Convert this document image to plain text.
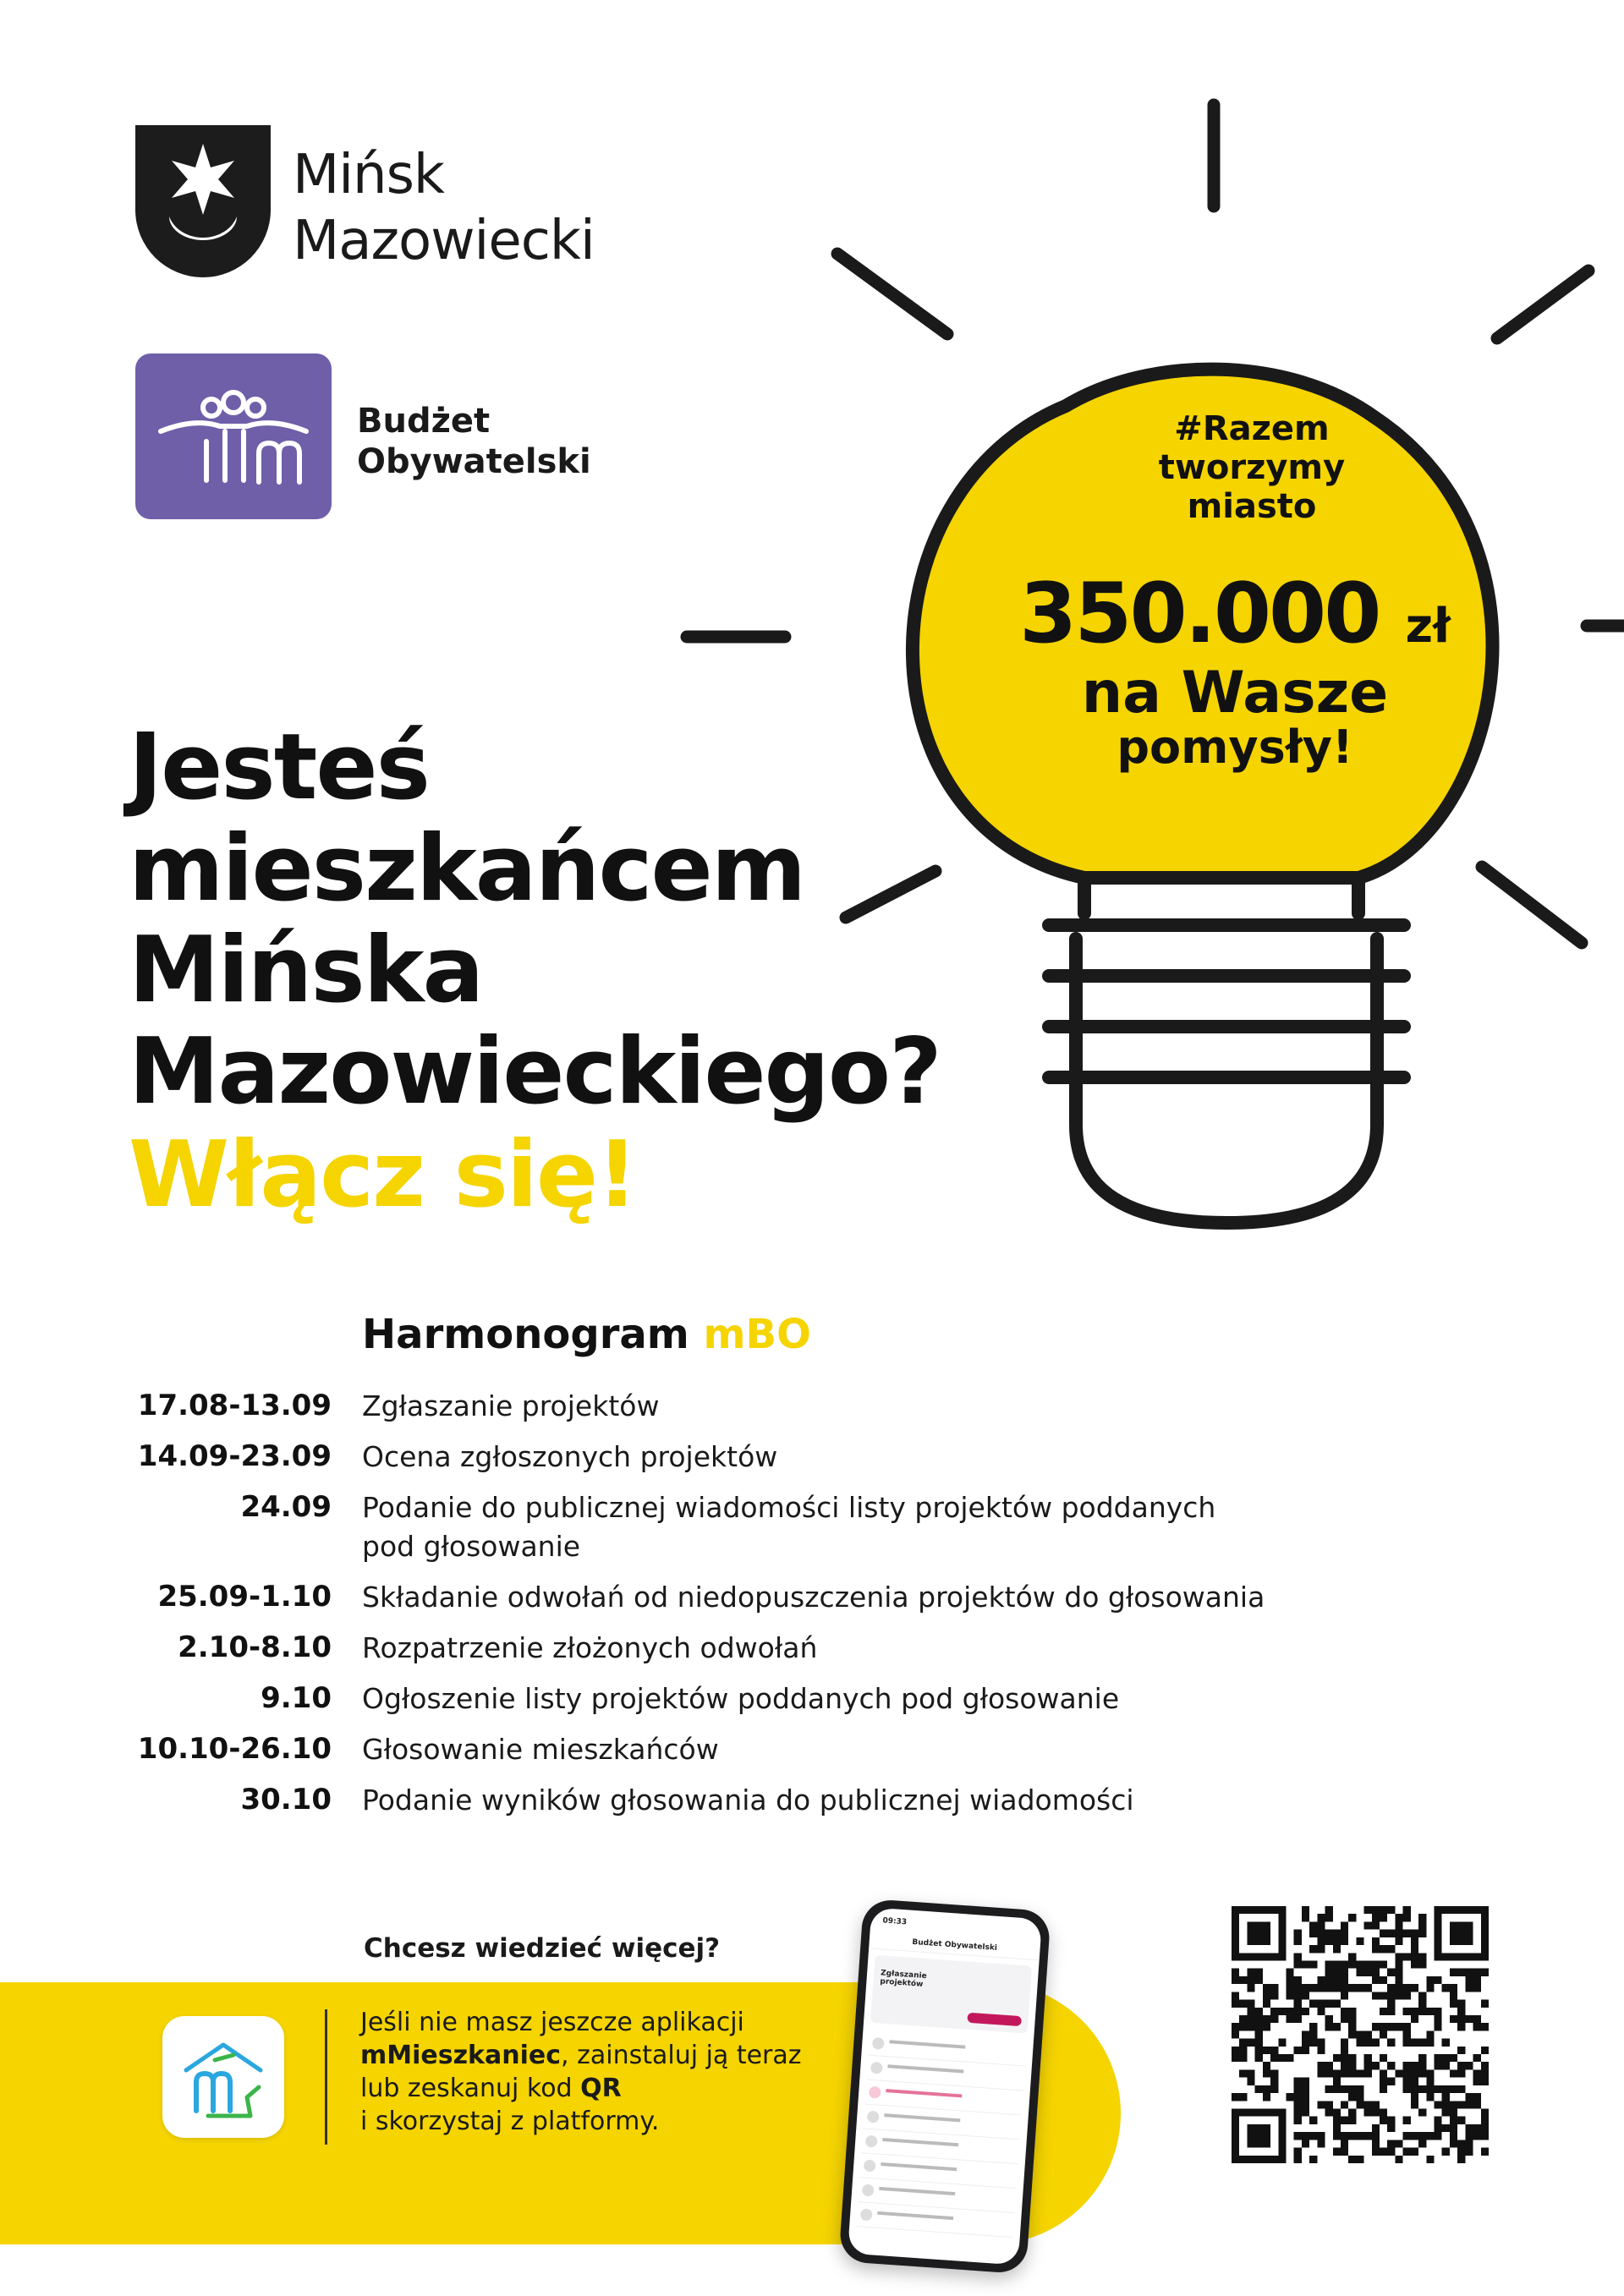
Mińsk
Mazowiecki
Budżet
Obywatelski
#Razem
tworzymy
miasto
350.000 zł
na Wasze
pomysły!
Jesteś
mieszkańcem
Mińska
Mazowieckiego?
Włącz się!
Harmonogram mBO
17.08-13.09 Zgłaszanie projektów
14.09-23.09 Ocena zgłoszonych projektów
24.09 Podanie do publicznej wiadomości listy projektów poddanych pod głosowanie
25.09-1.10 Składanie odwołań od niedopuszczenia projektów do głosowania
2.10-8.10 Rozpatrzenie złożonych odwołań
9.10 Ogłoszenie listy projektów poddanych pod głosowanie
10.10-26.10 Głosowanie mieszkańców
30.10 Podanie wyników głosowania do publicznej wiadomości
Chcesz wiedzieć więcej?
Jeśli nie masz jeszcze aplikacji
mMieszkaniec, zainstaluj ją teraz
lub zeskanuj kod QR
i skorzystaj z platformy.
09:33
Budżet Obywatelski
Zgłaszanie projektów
